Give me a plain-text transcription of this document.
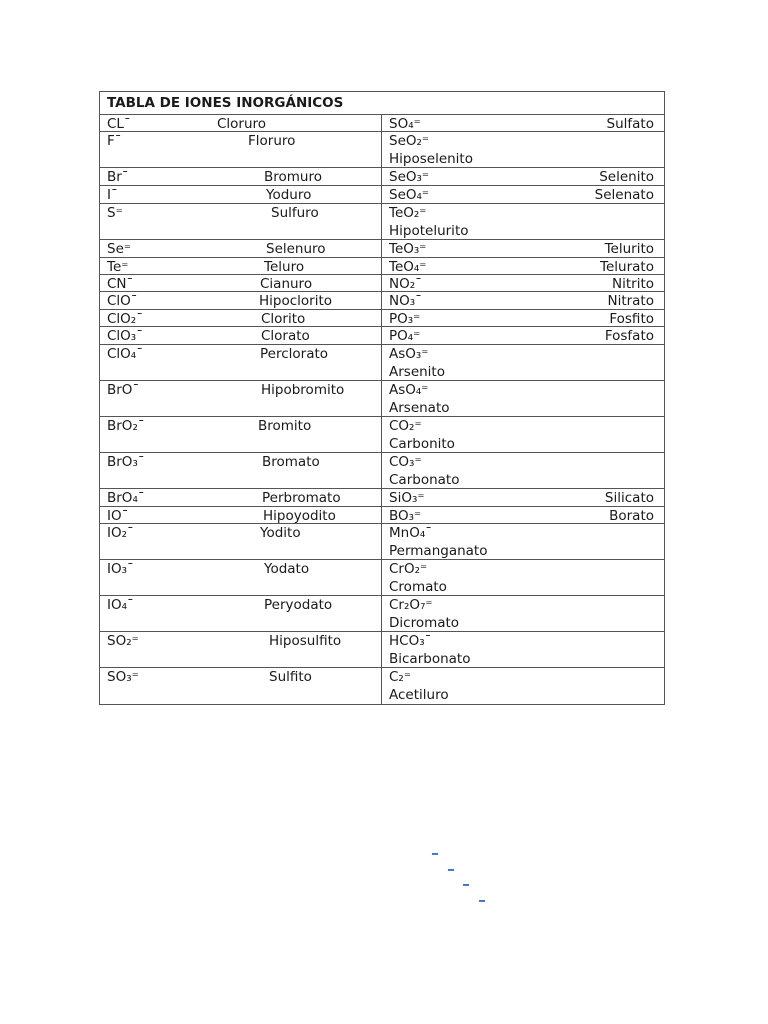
TABLA DE IONES INORGÁNICOS
CL¯	Cloruro	SO₄⁼	Sulfato
F¯	Floruro	SeO₂⁼
Hiposelenito
Br¯	Bromuro	SeO₃⁼	Selenito
I¯	Yoduro	SeO₄⁼	Selenato
S⁼	Sulfuro	TeO₂⁼
Hipotelurito
Se⁼	Selenuro	TeO₃⁼	Telurito
Te⁼	Teluro	TeO₄⁼	Telurato
CN¯	Cianuro	NO₂¯	Nitrito
ClO¯	Hipoclorito	NO₃¯	Nitrato
ClO₂¯	Clorito	PO₃⁼	Fosfito
ClO₃¯	Clorato	PO₄⁼	Fosfato
ClO₄¯	Perclorato	AsO₃⁼
Arsenito
BrO¯	Hipobromito	AsO₄⁼
Arsenato
BrO₂¯	Bromito	CO₂⁼
Carbonito
BrO₃¯	Bromato	CO₃⁼
Carbonato
BrO₄¯	Perbromato	SiO₃⁼	Silicato
IO¯	Hipoyodito	BO₃⁼	Borato
IO₂¯	Yodito	MnO₄¯
Permanganato
IO₃¯	Yodato	CrO₂⁼
Cromato
IO₄¯	Peryodato	Cr₂O₇⁼
Dicromato
SO₂⁼	Hiposulfito	HCO₃¯
Bicarbonato
SO₃⁼	Sulfito	C₂⁼
Acetiluro
_
_
_
_
